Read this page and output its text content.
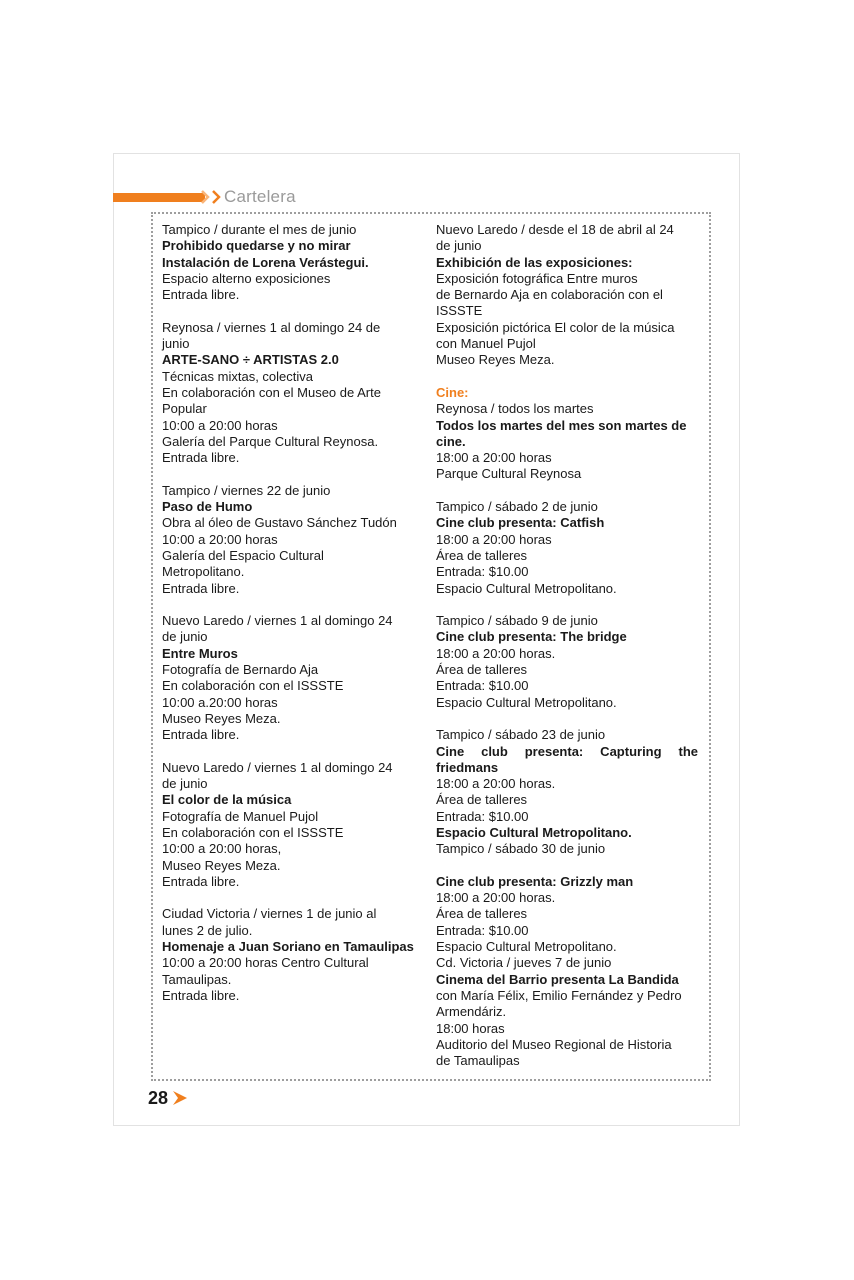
Cartelera
Tampico / durante el mes de junio
Prohibido quedarse y no mirar
Instalación de Lorena Verástegui.
Espacio alterno exposiciones
Entrada libre.
Reynosa / viernes 1 al domingo 24 de
junio
ARTE-SANO ÷ ARTISTAS 2.0
Técnicas mixtas, colectiva
En colaboración con el Museo de Arte
Popular
10:00 a 20:00 horas
Galería del Parque Cultural Reynosa.
Entrada libre.
Tampico / viernes 22 de junio
Paso de Humo
Obra al óleo de Gustavo Sánchez Tudón
10:00 a 20:00 horas
Galería del Espacio Cultural
Metropolitano.
Entrada libre.
Nuevo Laredo / viernes 1 al domingo 24
de junio
Entre Muros
Fotografía de Bernardo Aja
En colaboración con el ISSSTE
10:00 a.20:00 horas
Museo Reyes Meza.
Entrada libre.
Nuevo Laredo / viernes 1 al domingo 24
de junio
El color de la música
Fotografía de Manuel Pujol
En colaboración con el ISSSTE
10:00 a 20:00 horas,
Museo Reyes Meza.
Entrada libre.
Ciudad Victoria / viernes 1 de junio al
lunes 2 de julio.
Homenaje a Juan Soriano en Tamaulipas
10:00 a 20:00 horas Centro Cultural
Tamaulipas.
Entrada libre.
Nuevo Laredo / desde el 18 de abril al 24
de junio
Exhibición de las exposiciones:
Exposición fotográfica Entre muros
de Bernardo Aja en colaboración con el
ISSSTE
Exposición pictórica El color de la música
con Manuel Pujol
Museo Reyes Meza.
Cine:
Reynosa / todos los martes
Todos los martes del mes son martes de
cine.
18:00 a 20:00 horas
Parque Cultural Reynosa
Tampico / sábado 2 de junio
Cine club presenta: Catfish
18:00 a 20:00 horas
Área de talleres
Entrada: $10.00
Espacio Cultural Metropolitano.
Tampico / sábado 9 de junio
Cine club presenta: The bridge
18:00 a 20:00 horas.
Área de talleres
Entrada: $10.00
Espacio Cultural Metropolitano.
Tampico / sábado 23 de junio
Cine club presenta: Capturing the
friedmans
18:00 a 20:00 horas.
Área de talleres
Entrada: $10.00
Espacio Cultural Metropolitano.
Tampico / sábado 30 de junio
Cine club presenta: Grizzly man
18:00 a 20:00 horas.
Área de talleres
Entrada: $10.00
Espacio Cultural Metropolitano.
Cd. Victoria / jueves 7 de junio
Cinema del Barrio presenta La Bandida
con María Félix, Emilio Fernández y Pedro
Armendáriz.
18:00 horas
Auditorio del Museo Regional de Historia
de Tamaulipas
28
